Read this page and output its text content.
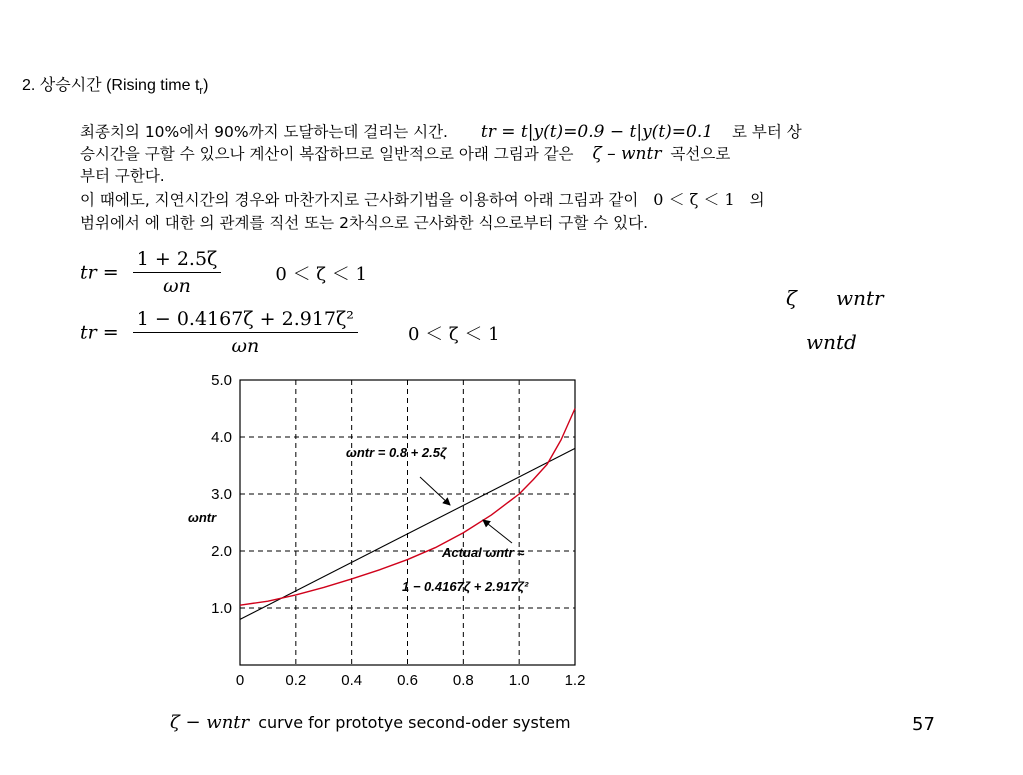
2. 상승시간 (Rising time $t_r$)
최종치의 10%에서 90%까지 도달하는데 걸리는 시간. tr = t|y(t)=0.9 − t|y(t)=0.1 로 부터 상
승시간을 구할 수 있으나 계산이 복잡하므로 일반적으로 아래 그림과 같은 ζ – wntr 곡선으로
부터 구한다.
이 때에도, 지연시간의 경우와 마찬가지로 근사화기법을 이용하여 아래 그림과 같이 0 ＜ ζ ＜ 1 의
범위에서 에 대한 의 관계를 직선 또는 2차식으로 근사화한 식으로부터 구할 수 있다.
tr = $\frac{1 + 2.5\zeta}{\omega n}$	0 ＜ ζ ＜ 1
tr = $\frac{\text{1 − 0.4167ζ + 2.917ζ²}}{\omega n}$	0 ＜ ζ ＜ 1
ζ wntr
wntd
0	0.2 0.4 0.6 0.8 1.0 1.2
1.0
2.0
3.0
4.0
5.0
ωntr
ωntr = 0.8 + 2.5ζ
Actual ωntr ≈
1 − 0.4167ζ + 2.917ζ²
ζ − wntr curve for prototye second-oder system	57
